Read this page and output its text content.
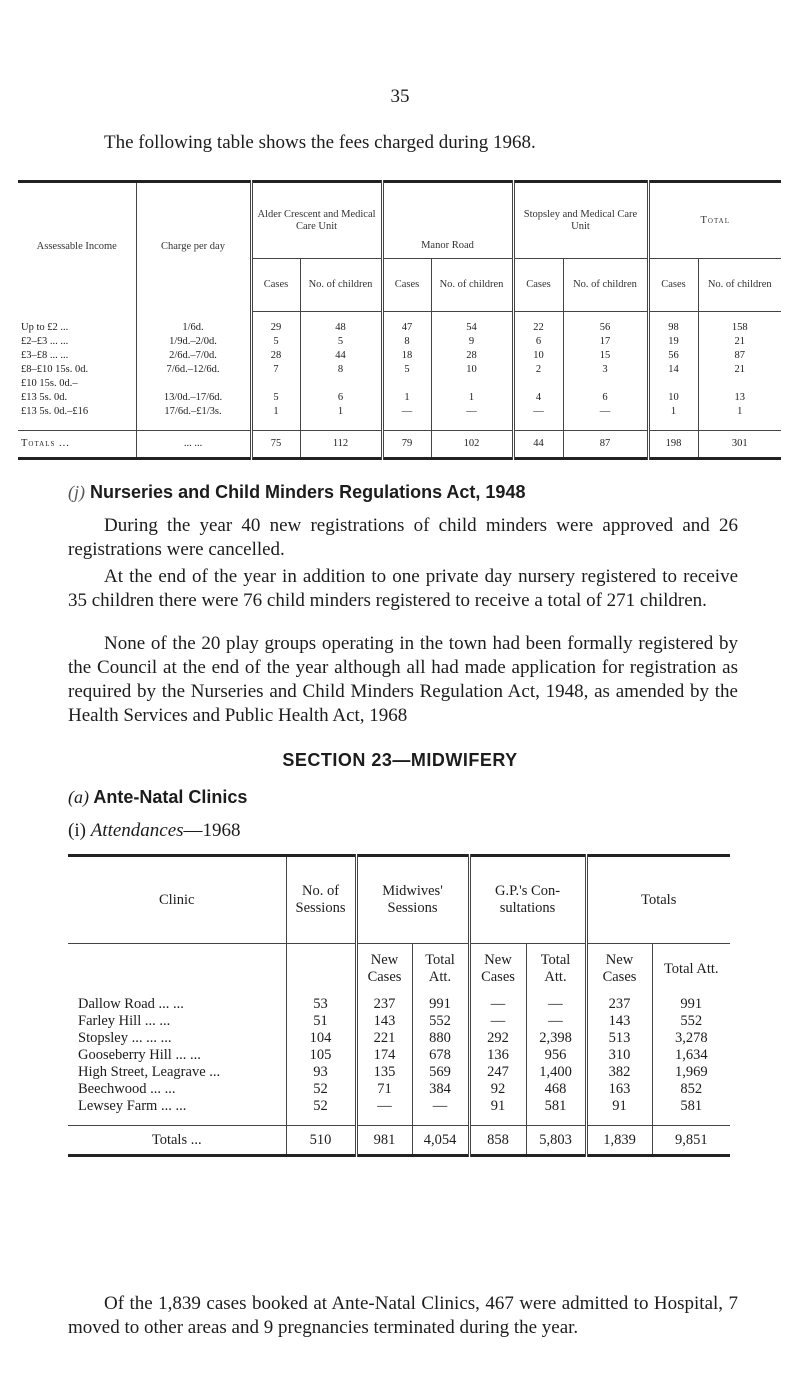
35
The following table shows the fees charged during 1968.
Assessable Income	Charge per day	Alder Crescent and Medical Care Unit		Manor Road		Stopsley and Medical Care Unit		Total	
		Cases	No. of children	Cases	No. of children	Cases	No. of children	Cases	No. of children
Up to £2 ...	1/6d.	29	48	47	54	22	56	98	158
£2–£3 ... ...	1/9d.–2/0d.	5	5	8	9	6	17	19	21
£3–£8 ... ...	2/6d.–7/0d.	28	44	18	28	10	15	56	87
£8–£10 15s. 0d.	7/6d.–12/6d.	7	8	5	10	2	3	14	21
£10 15s. 0d.–									
£13 5s. 0d.	13/0d.–17/6d.	5	6	1	1	4	6	10	13
£13 5s. 0d.–£16	17/6d.–£1/3s.	1	1	—	—	—	—	1	1
Totals ...	... ...	75	112	79	102	44	87	198	301
(j) Nurseries and Child Minders Regulations Act, 1948

During the year 40 new registrations of child minders were approved and 26 registrations were cancelled.

At the end of the year in addition to one private day nursery registered to receive 35 children there were 76 child minders registered to receive a total of 271 children.

None of the 20 play groups operating in the town had been formally registered by the Council at the end of the year although all had made application for registration as required by the Nurseries and Child Minders Regulation Act, 1948, as amended by the Health Services and Public Health Act, 1968

SECTION 23—MIDWIFERY
(a) Ante-Natal Clinics
(i) Attendances—1968
Clinic	No. of Sessions	Midwives' Sessions		G.P.'s Con- sultations		Totals	
		New Cases	Total Att.	New Cases	Total Att.	New Cases	Total Att.
Dallow Road ... ...	53	237	991	—	—	237	991
Farley Hill ... ...	51	143	552	—	—	143	552
Stopsley ... ... ...	104	221	880	292	2,398	513	3,278
Gooseberry Hill ... ...	105	174	678	136	956	310	1,634
High Street, Leagrave ...	93	135	569	247	1,400	382	1,969
Beechwood ... ...	52	71	384	92	468	163	852
Lewsey Farm ... ...	52	—	—	91	581	91	581
Totals ...	510	981	4,054	858	5,803	1,839	9,851

Of the 1,839 cases booked at Ante-Natal Clinics, 467 were admitted to Hospital, 7 moved to other areas and 9 pregnancies terminated during the year.
